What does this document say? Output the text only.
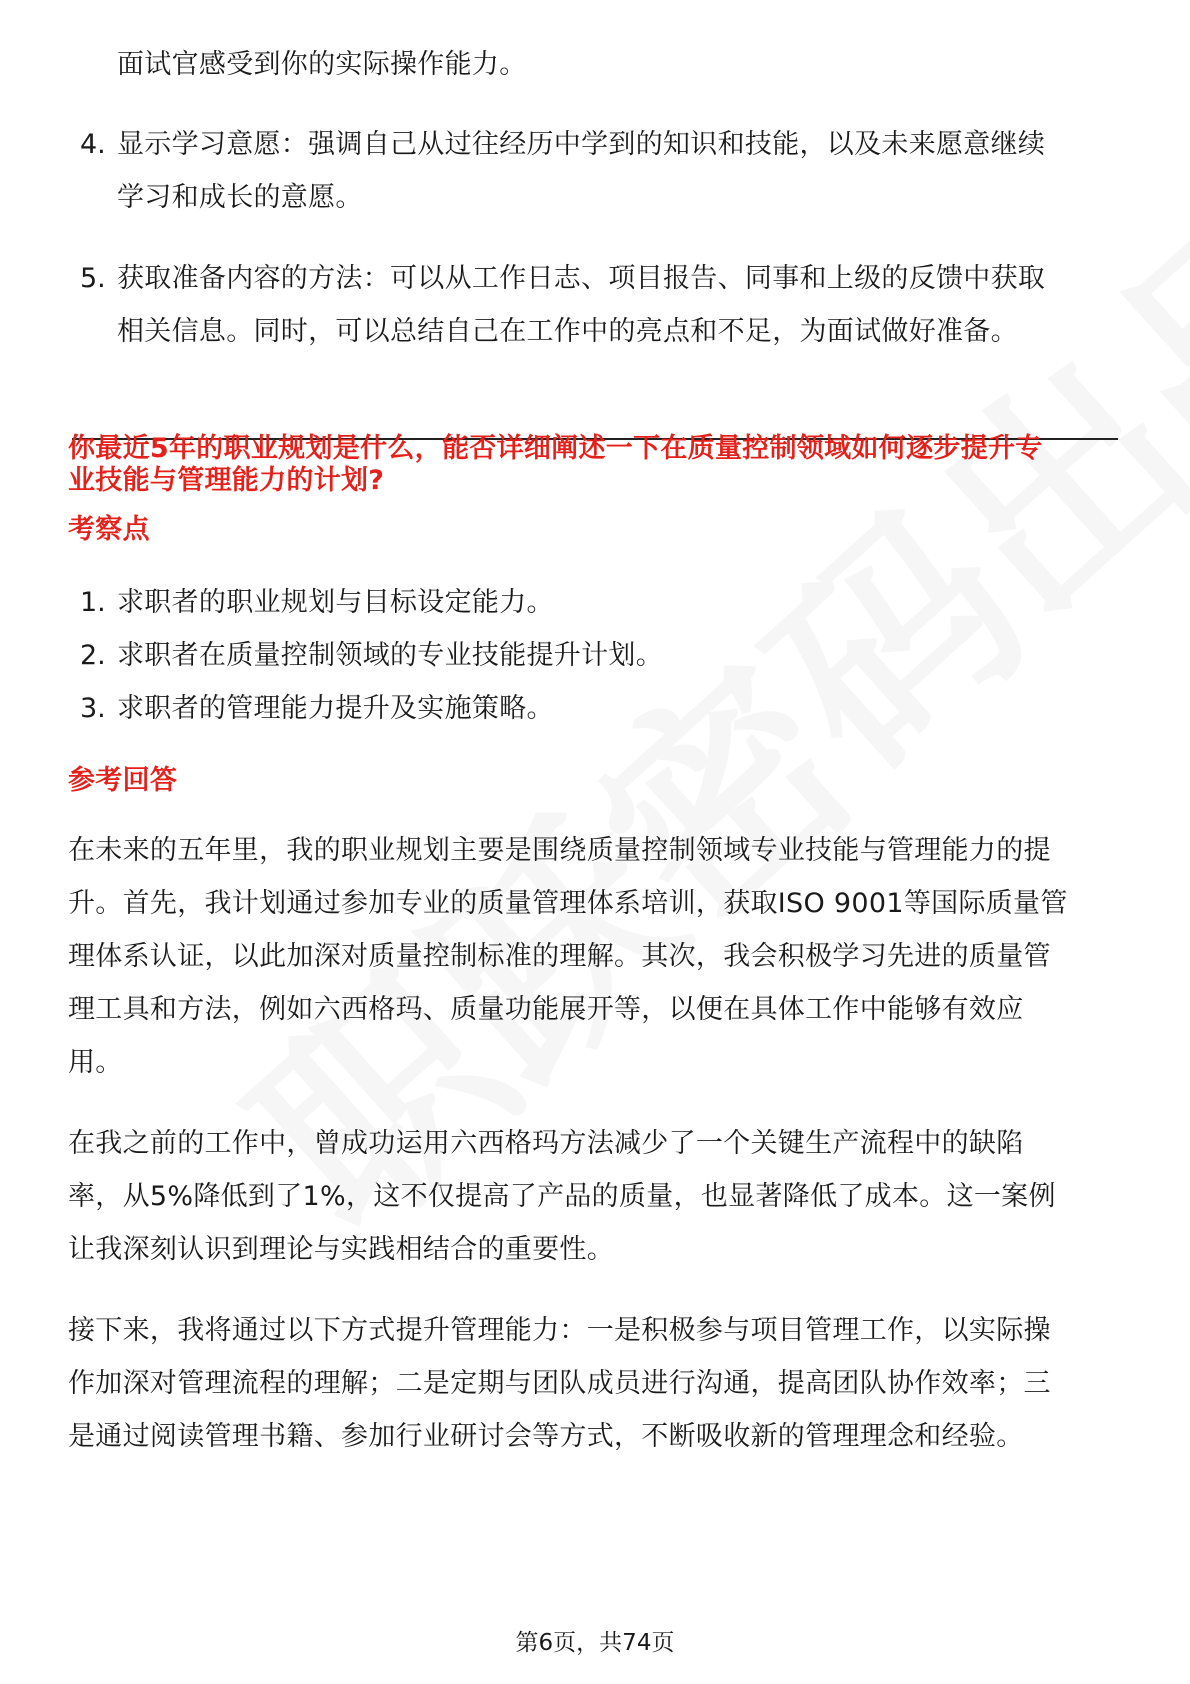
面试官感受到你的实际操作能力。
4. 显示学习意愿：强调自己从过往经历中学到的知识和技能，以及未来愿意继续
学习和成长的意愿。
5. 获取准备内容的方法：可以从工作日志、项目报告、同事和上级的反馈中获取
相关信息。同时，可以总结自己在工作中的亮点和不足，为面试做好准备。
你最近5年的职业规划是什么，能否详细阐述一下在质量控制领域如何逐步提升专
业技能与管理能力的计划?
考察点
1. 求职者的职业规划与目标设定能力。
2. 求职者在质量控制领域的专业技能提升计划。
3. 求职者的管理能力提升及实施策略。
参考回答
在未来的五年里，我的职业规划主要是围绕质量控制领域专业技能与管理能力的提
升。首先，我计划通过参加专业的质量管理体系培训，获取ISO 9001等国际质量管
理体系认证，以此加深对质量控制标准的理解。其次，我会积极学习先进的质量管
理工具和方法，例如六西格玛、质量功能展开等，以便在具体工作中能够有效应
用。
在我之前的工作中，曾成功运用六西格玛方法减少了一个关键生产流程中的缺陷
率，从5%降低到了1%，这不仅提高了产品的质量，也显著降低了成本。这一案例
让我深刻认识到理论与实践相结合的重要性。
接下来，我将通过以下方式提升管理能力：一是积极参与项目管理工作，以实际操
作加深对管理流程的理解；二是定期与团队成员进行沟通，提高团队协作效率；三
是通过阅读管理书籍、参加行业研讨会等方式，不断吸收新的管理理念和经验。
第6页，共74页
